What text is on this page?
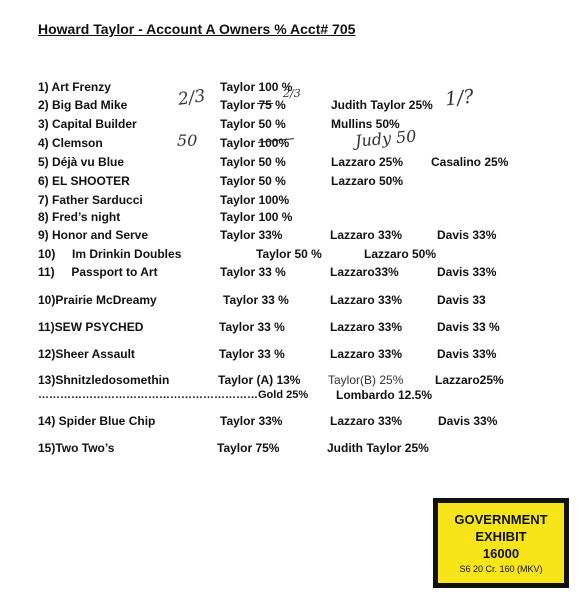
Howard Taylor - Account A Owners % Acct# 705
1) Art Frenzy	Taylor 100 %
2) Big Bad Mike	Taylor 75 %	Judith Taylor 25%
2/3	2/3	1/?
3) Capital Builder	Taylor 50 %	Mullins 50%
4) Clemson	Taylor 100%
50	Judy 50
5) Déjà vu Blue	Taylor 50 %	Lazzaro 25% Casalino 25%
6) EL SHOOTER	Taylor 50 %	Lazzaro 50%
7) Father Sarducci	Taylor 100%
8) Fred’s night	Taylor 100 %
9) Honor and Serve	Taylor 33%	Lazzaro 33%	Davis 33%
10)     Im Drinkin Doubles	Taylor 50 %	Lazzaro 50%
11)     Passport to Art	Taylor 33 %	Lazzaro33%	Davis 33%
10)Prairie McDreamy	Taylor 33 %	Lazzaro 33%	Davis 33
11)SEW PSYCHED	Taylor 33 %	Lazzaro 33%	Davis 33 %
12)Sheer Assault	Taylor 33 %	Lazzaro 33%	Davis 33%
13)Shnitzledosomethin	Taylor (A) 13% Taylor(B) 25%	Lazzaro25%
……………………………………………………Gold 25% Lombardo 12.5%
14) Spider Blue Chip	Taylor 33%	Lazzaro 33%	Davis 33%
15)Two Two’s	Taylor 75%	Judith Taylor 25%
GOVERNMENT
EXHIBIT
16000
S6 20 Cr. 160 (MKV)
